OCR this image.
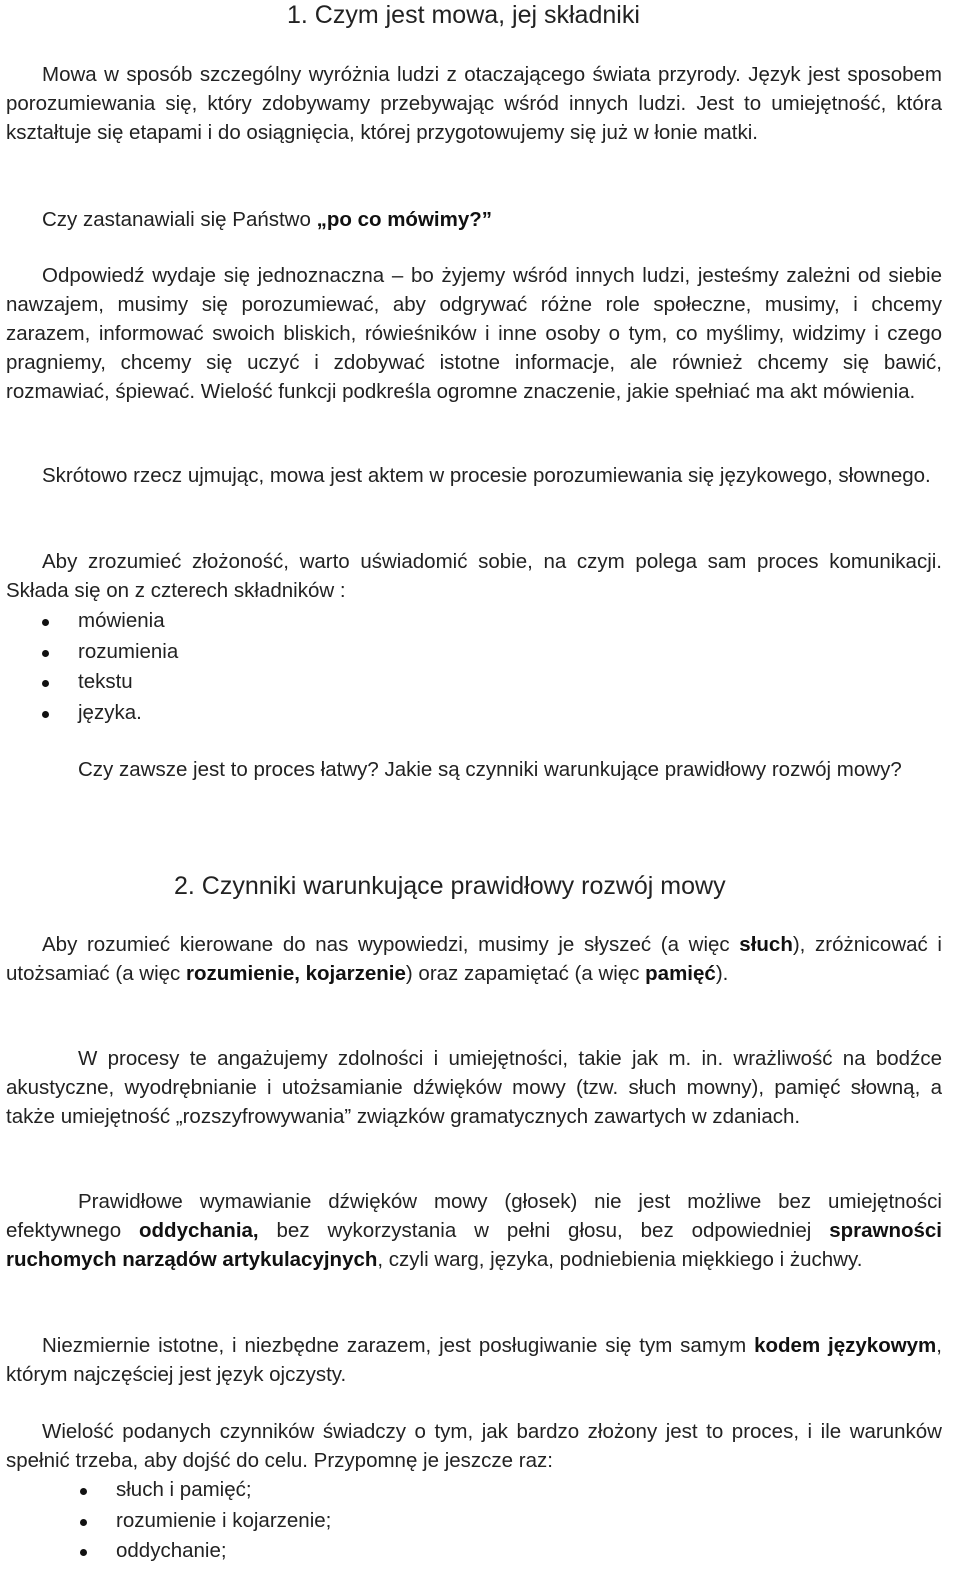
1. Czym jest mowa, jej składniki

Mowa w sposób szczególny wyróżnia ludzi z otaczającego świata przyrody. Język jest sposobem porozumiewania się, który zdobywamy przebywając wśród innych ludzi. Jest to umiejętność, która kształtuje się etapami i do osiągnięcia, której przygotowujemy się już w łonie matki.

Czy zastanawiali się Państwo „po co mówimy?”

Odpowiedź wydaje się jednoznaczna – bo żyjemy wśród innych ludzi, jesteśmy zależni od siebie nawzajem, musimy się porozumiewać, aby odgrywać różne role społeczne, musimy, i chcemy zarazem, informować swoich bliskich, rówieśników i inne osoby o tym, co myślimy, widzimy i czego pragniemy, chcemy się uczyć i zdobywać istotne informacje, ale również chcemy się bawić, rozmawiać, śpiewać. Wielość funkcji podkreśla ogromne znaczenie, jakie spełniać ma akt mówienia.

Skrótowo rzecz ujmując, mowa jest aktem w procesie porozumiewania się językowego, słownego.

Aby zrozumieć złożoność, warto uświadomić sobie, na czym polega sam proces komunikacji. Składa się on z czterech składników :

mówienia
rozumienia
tekstu
języka.

Czy zawsze jest to proces łatwy? Jakie są czynniki warunkujące prawidłowy rozwój mowy?

2. Czynniki warunkujące prawidłowy rozwój mowy

Aby rozumieć kierowane do nas wypowiedzi, musimy je słyszeć (a więc słuch), zróżnicować i utożsamiać (a więc rozumienie, kojarzenie) oraz zapamiętać (a więc pamięć).

W procesy te angażujemy zdolności i umiejętności, takie jak m. in. wrażliwość na bodźce akustyczne, wyodrębnianie i utożsamianie dźwięków mowy (tzw. słuch mowny), pamięć słowną, a także umiejętność „rozszyfrowywania” związków gramatycznych zawartych w zdaniach.

Prawidłowe wymawianie dźwięków mowy (głosek) nie jest możliwe bez umiejętności efektywnego oddychania, bez wykorzystania w pełni głosu, bez odpowiedniej sprawności ruchomych narządów artykulacyjnych, czyli warg, języka, podniebienia miękkiego i żuchwy.

Niezmiernie istotne, i niezbędne zarazem, jest posługiwanie się tym samym kodem językowym, którym najczęściej jest język ojczysty.

Wielość podanych czynników świadczy o tym, jak bardzo złożony jest to proces, i ile warunków spełnić trzeba, aby dojść do celu. Przypomnę je jeszcze raz:

słuch i pamięć;
rozumienie i kojarzenie;
oddychanie;
